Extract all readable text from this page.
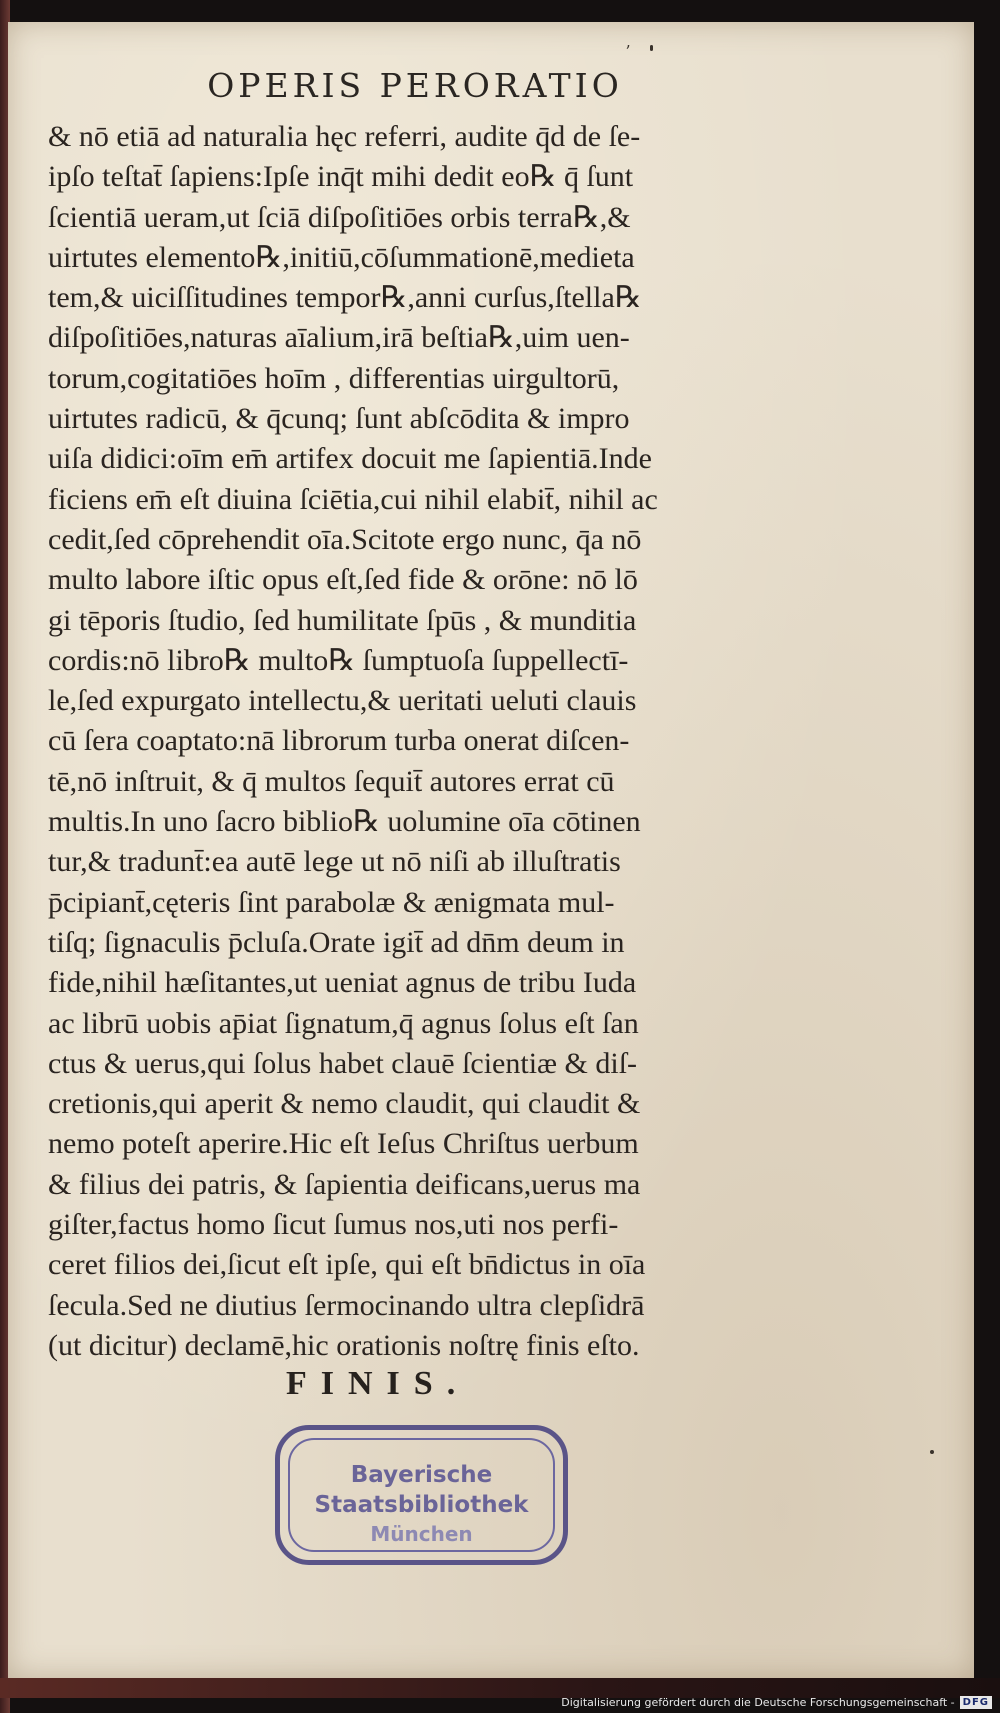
ʼ
OPERIS PERORATIO
& nō etiā ad naturalia hęc referri, audite q̄d de ſe-
ipſo teſtat̄ ſapiens:Ipſe inq̄t mihi dedit eo℞ q̄ ſunt
ſcientiā ueram,ut ſciā diſpoſitiōes orbis terra℞,&
uirtutes elemento℞,initiū,cōſummationē,medieta
tem,& uiciſſitudines tempor℞,anni curſus,ſtella℞
diſpoſitiōes,naturas aīalium,irā beſtia℞,uim uen-
torum,cogitatiōes hoīm , differentias uirgultorū,
uirtutes radicū, & q̄cunq; ſunt abſcōdita & impro
uiſa didici:oīm em̄ artifex docuit me ſapientiā.Inde
ficiens em̄ eſt diuina ſciētia,cui nihil elabit̄, nihil ac
cedit,ſed cōprehendit oīa.Scitote ergo nunc, q̄a nō
multo labore iſtic opus eſt,ſed fide & orōne: nō lō
gi tēporis ſtudio, ſed humilitate ſpūs , & munditia
cordis:nō libro℞ multo℞ ſumptuoſa ſuppellectī-
le,ſed expurgato intellectu,& ueritati ueluti clauis
cū ſera coaptato:nā librorum turba onerat diſcen-
tē,nō inſtruit, & q̄ multos ſequit̄ autores errat cū
multis.In uno ſacro biblio℞ uolumine oīa cōtinen
tur,& tradunt̄:ea autē lege ut nō niſi ab illuſtratis
p̄cipiant̄,cęteris ſint parabolæ & ænigmata mul-
tiſq; ſignaculis p̄cluſa.Orate igit̄ ad dn̄m deum in
fide,nihil hæſitantes,ut ueniat agnus de tribu Iuda
ac librū uobis ap̄iat ſignatum,q̄ agnus ſolus eſt ſan
ctus & uerus,qui ſolus habet clauē ſcientiæ & diſ-
cretionis,qui aperit & nemo claudit, qui claudit &
nemo poteſt aperire.Hic eſt Ieſus Chriſtus uerbum
& filius dei patris, & ſapientia deificans,uerus ma
giſter,factus homo ſicut ſumus nos,uti nos perfi-
ceret filios dei,ſicut eſt ipſe, qui eſt bn̄dictus in oīa
ſecula.Sed ne diutius ſermocinando ultra clepſidrā
(ut dicitur) declamē,hic orationis noſtrę finis eſto.
FINIS.
Bayerische
Staatsbibliothek
München
Digitalisierung gefördert durch die Deutsche Forschungsgemeinschaft - DFG
